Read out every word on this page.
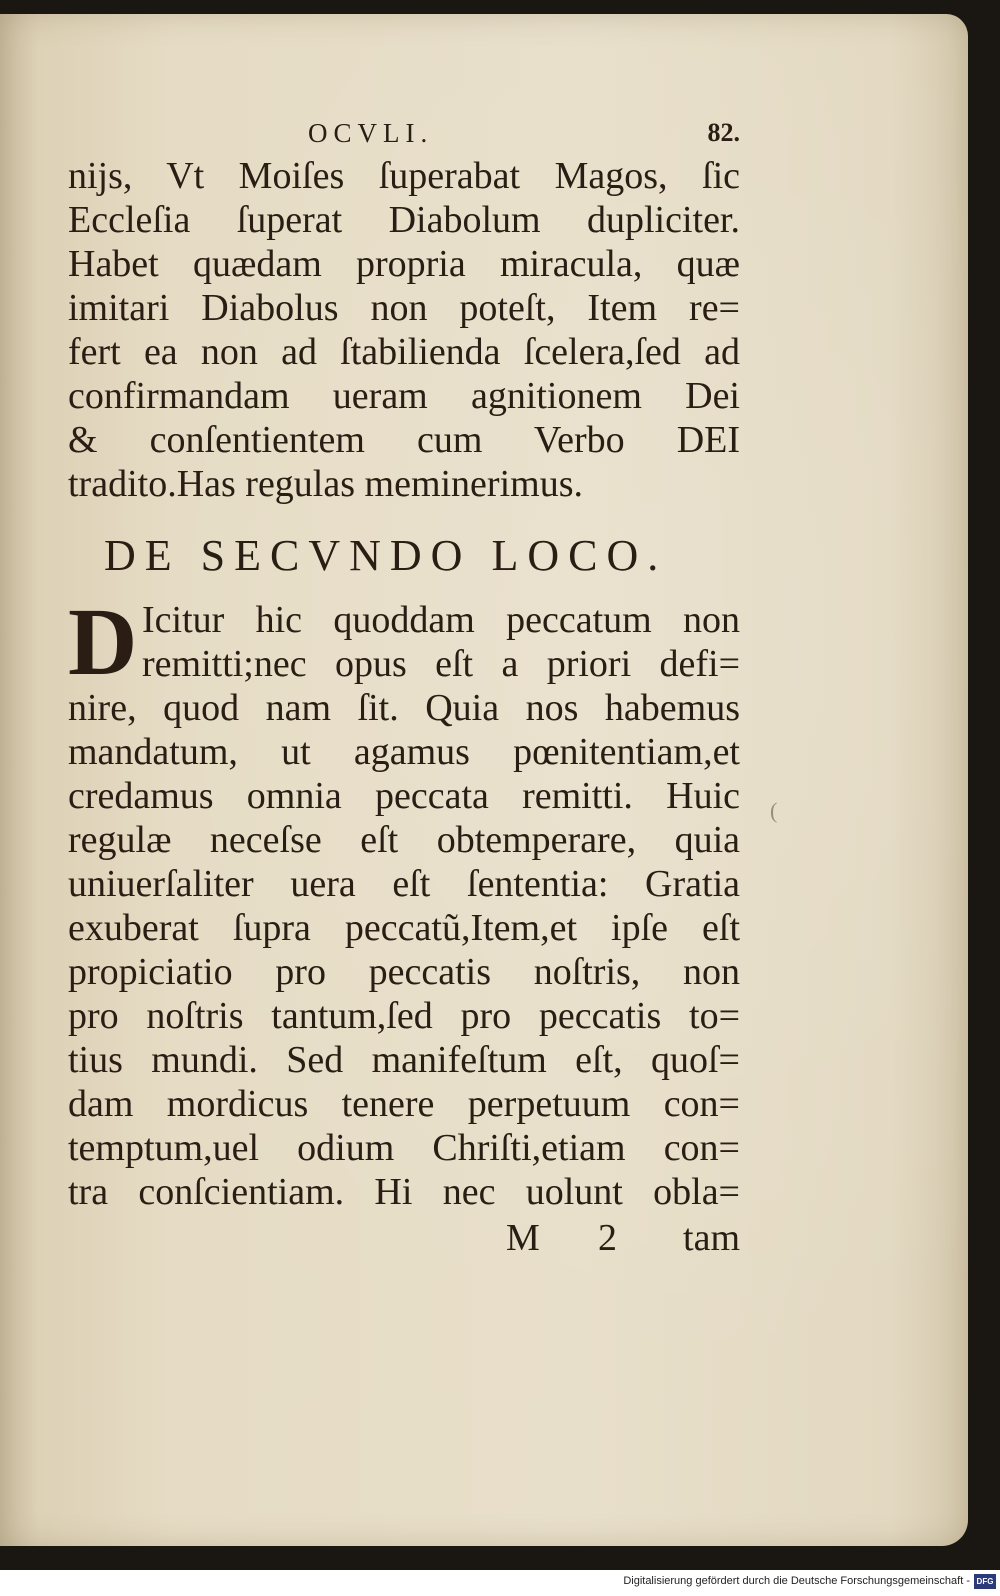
OCVLI.	82.
nijs, Vt Moiſes ſuperabat Magos, ſic
Eccleſia ſuperat Diabolum dupliciter.
Habet quædam propria miracula, quæ
imitari Diabolus non poteſt, Item re=
fert ea non ad ſtabilienda ſcelera,ſed ad
confirmandam ueram agnitionem Dei
& conſentientem cum Verbo DEI
tradito.Has regulas meminerimus.
DE SECVNDO LOCO.
D Icitur hic quoddam peccatum non
remitti;nec opus eſt a priori defi=
nire, quod nam ſit. Quia nos habemus
mandatum, ut agamus pœnitentiam,et
credamus omnia peccata remitti. Huic
regulæ neceſse eſt obtemperare, quia
uniuerſaliter uera eſt ſententia: Gratia
exuberat ſupra peccatũ,Item,et ipſe eſt
propiciatio pro peccatis noſtris, non
pro noſtris tantum,ſed pro peccatis to=
tius mundi. Sed manifeſtum eſt, quoſ=
dam mordicus tenere perpetuum con=
temptum,uel odium Chriſti,etiam con=
tra conſcientiam. Hi nec uolunt obla=
M 2 tam
(
Digitalisierung gefördert durch die Deutsche Forschungsgemeinschaft - DFG
